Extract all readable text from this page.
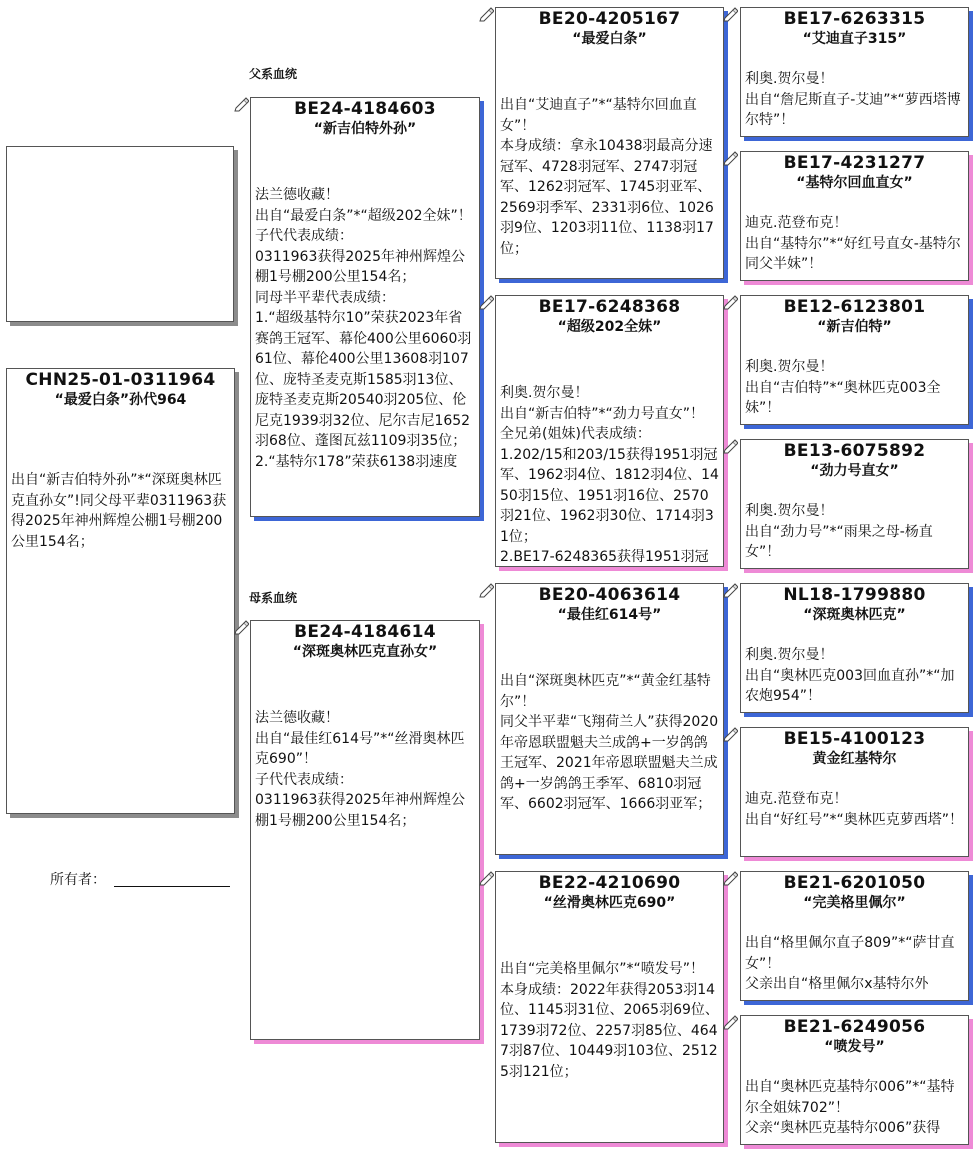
CHN25-01-0311964
“最爱白条”孙代964
出自“新吉伯特外孙”*“深斑奥林匹克直孙女”!同父母平辈0311963获得2025年神州辉煌公棚1号棚200公里154名；
所有者：
父系血统
母系血统
BE24-4184603
“新吉伯特外孙”
法兰德收藏！
出自“最爱白条”*“超级202全妹”！
子代代表成绩：
0311963获得2025年神州辉煌公棚1号棚200公里154名；
同母半平辈代表成绩：
1.“超级基特尔10”荣获2023年省赛鸽王冠军、幕伦400公里6060羽61位、幕伦400公里13608羽107位、庞特圣麦克斯1585羽13位、庞特圣麦克斯20540羽205位、伦尼克1939羽32位、尼尔吉尼1652羽68位、蓬图瓦兹1109羽35位；
2.“基特尔178”荣获6138羽速度
BE24-4184614
“深斑奥林匹克直孙女”
法兰德收藏！
出自“最佳红614号”*“丝滑奥林匹克690”！
子代代表成绩：
0311963获得2025年神州辉煌公棚1号棚200公里154名；
BE20-4205167
“最爱白条”
出自“艾迪直子”*“基特尔回血直女”！
本身成绩：拿永10438羽最高分速冠军、4728羽冠军、2747羽冠军、1262羽冠军、1745羽亚军、2569羽季军、2331羽6位、1026羽9位、1203羽11位、1138羽17位；
BE17-6248368
“超级202全妹”
利奥.贺尔曼！
出自“新吉伯特”*“劲力号直女”！
全兄弟(姐妹)代表成绩：
1.202/15和203/15获得1951羽冠军、1962羽4位、1812羽4位、1450羽15位、1951羽16位、2570羽21位、1962羽30位、1714羽31位；
2.BE17-6248365获得1951羽冠
BE20-4063614
“最佳红614号”
出自“深斑奥林匹克”*“黄金红基特尔”！
同父半平辈“飞翔荷兰人”获得2020年帝恩联盟魁夫兰成鸽+一岁鸽鸽王冠军、2021年帝恩联盟魁夫兰成鸽+一岁鸽鸽王季军、6810羽冠军、6602羽冠军、1666羽亚军；
BE22-4210690
“丝滑奥林匹克690”
出自“完美格里佩尔”*“喷发号”！
本身成绩：2022年获得2053羽14位、1145羽31位、2065羽69位、1739羽72位、2257羽85位、4647羽87位、10449羽103位、25125羽121位；
BE17-6263315
“艾迪直子315”
利奥.贺尔曼！
出自“詹尼斯直子-艾迪”*“萝西塔博尔特”！
BE17-4231277
“基特尔回血直女”
迪克.范登布克！
出自“基特尔”*“好红号直女-基特尔同父半妹”！
BE12-6123801
“新吉伯特”
利奥.贺尔曼！
出自“吉伯特”*“奥林匹克003全妹”！
BE13-6075892
“劲力号直女”
利奥.贺尔曼！
出自“劲力号”*“雨果之母-杨直女”！
NL18-1799880
“深斑奥林匹克”
利奥.贺尔曼！
出自“奥林匹克003回血直孙”*“加农炮954”！
BE15-4100123
黄金红基特尔
迪克.范登布克！
出自“好红号”*“奥林匹克萝西塔”！
BE21-6201050
“完美格里佩尔”
出自“格里佩尔直子809”*“萨甘直女”！
父亲出自“格里佩尔x基特尔外
BE21-6249056
“喷发号”
出自“奥林匹克基特尔006”*“基特尔全姐妹702”！
父亲“奥林匹克基特尔006”获得
